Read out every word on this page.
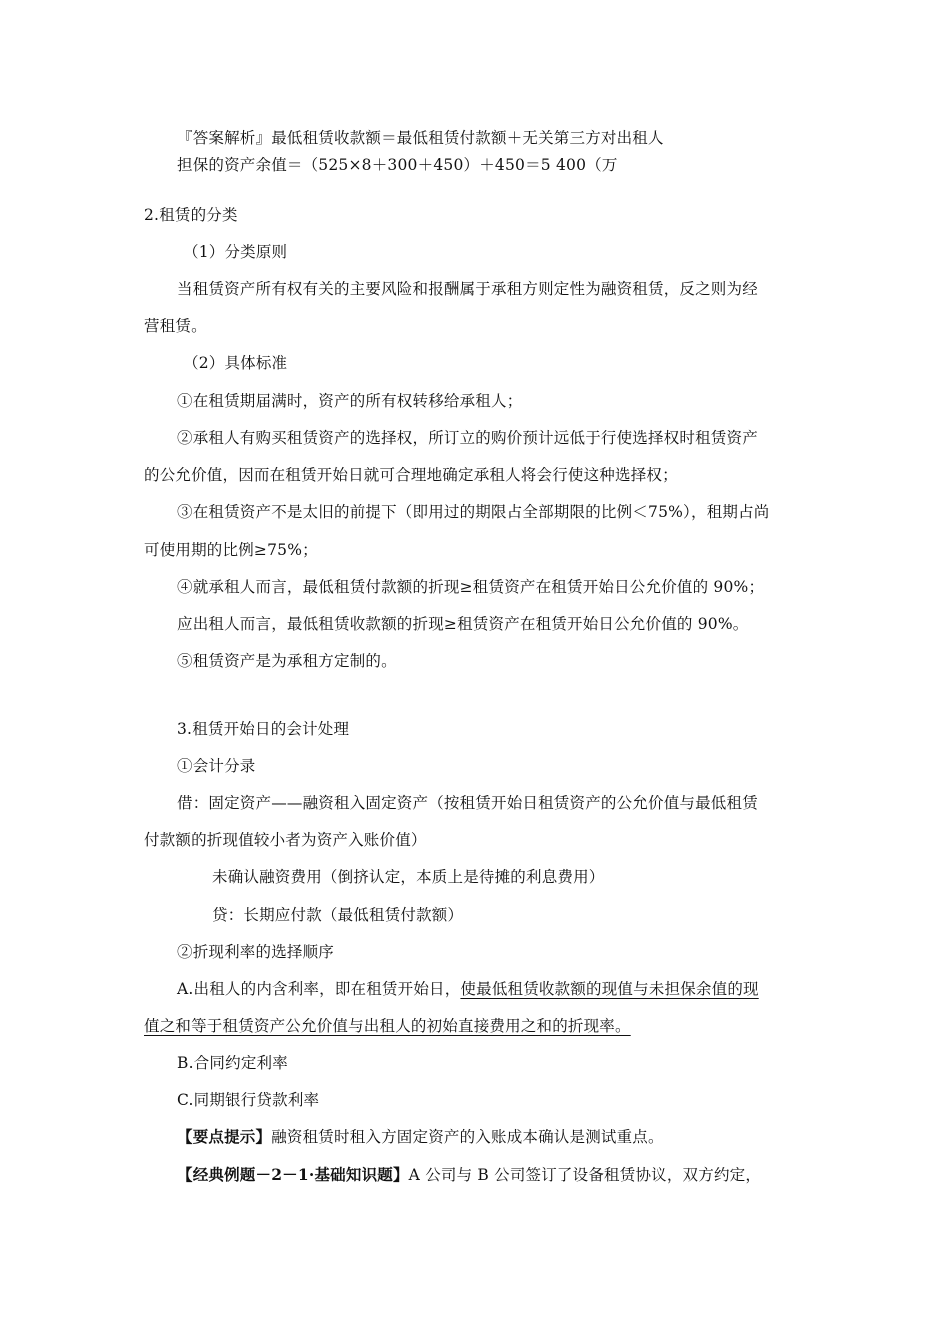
『答案解析』最低租赁收款额＝最低租赁付款额＋无关第三方对出租人
担保的资产余值＝（525×8＋300＋450）＋450＝5 400（万
2.租赁的分类
（1）分类原则
当租赁资产所有权有关的主要风险和报酬属于承租方则定性为融资租赁，反之则为经
营租赁。
（2）具体标准
①在租赁期届满时，资产的所有权转移给承租人；
②承租人有购买租赁资产的选择权，所订立的购价预计远低于行使选择权时租赁资产
的公允价值，因而在租赁开始日就可合理地确定承租人将会行使这种选择权；
③在租赁资产不是太旧的前提下（即用过的期限占全部期限的比例＜75%），租期占尚
可使用期的比例≥75%；
④就承租人而言，最低租赁付款额的折现≥租赁资产在租赁开始日公允价值的 90%；
应出租人而言，最低租赁收款额的折现≥租赁资产在租赁开始日公允价值的 90%。
⑤租赁资产是为承租方定制的。
3.租赁开始日的会计处理
①会计分录
借：固定资产——融资租入固定资产（按租赁开始日租赁资产的公允价值与最低租赁
付款额的折现值较小者为资产入账价值）
未确认融资费用（倒挤认定，本质上是待摊的利息费用）
贷：长期应付款（最低租赁付款额）
②折现利率的选择顺序
A.出租人的内含利率，即在租赁开始日，使最低租赁收款额的现值与未担保余值的现
值之和等于租赁资产公允价值与出租人的初始直接费用之和的折现率。
B.合同约定利率
C.同期银行贷款利率
【要点提示】融资租赁时租入方固定资产的入账成本确认是测试重点。
【经典例题－2－1·基础知识题】A 公司与 B 公司签订了设备租赁协议，双方约定，
